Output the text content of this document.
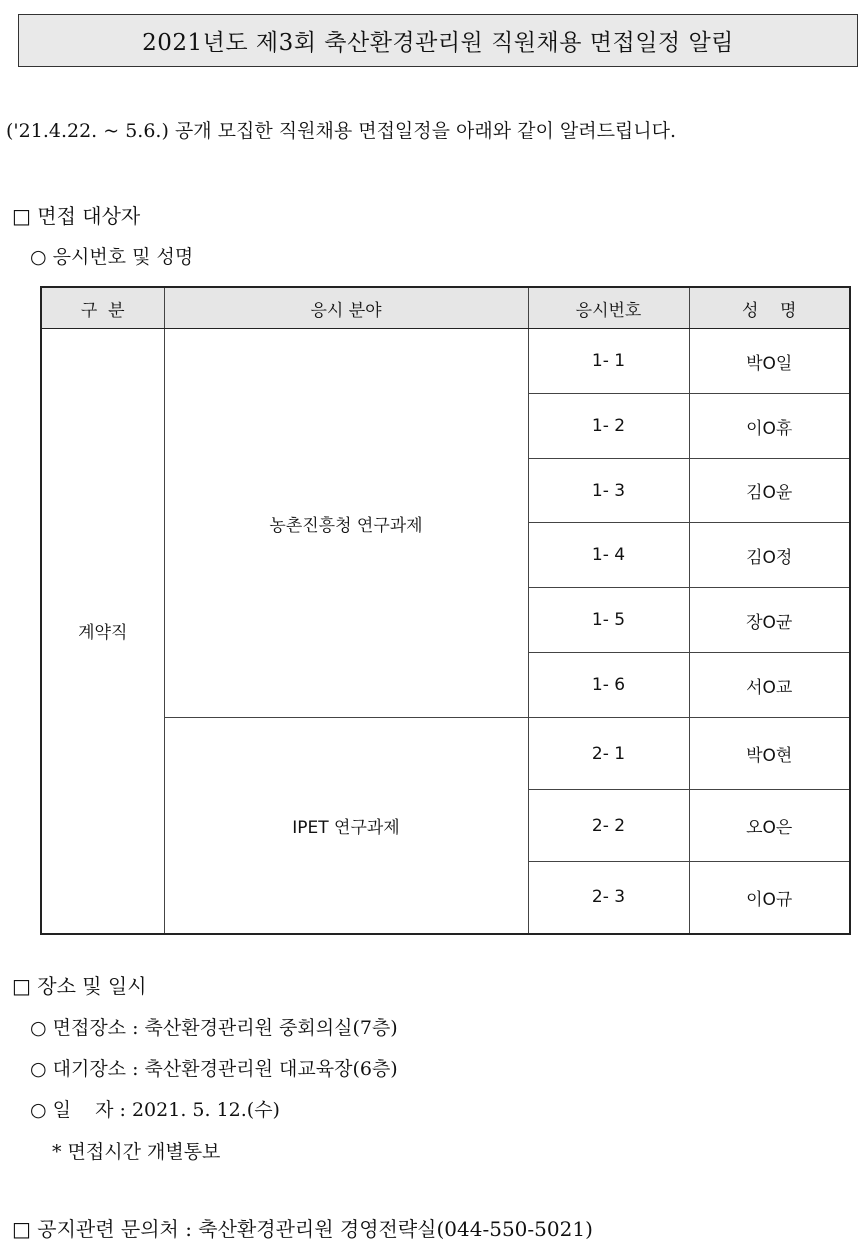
2021년도 제3회 축산환경관리원 직원채용 면접일정 알림
('21.4.22. ~ 5.6.) 공개 모집한 직원채용 면접일정을 아래와 같이 알려드립니다.
□ 면접 대상자
○ 응시번호 및 성명
구  분	응시 분야	응시번호	성    명
계약직	농촌진흥청 연구과제	1- 1	박O일
		1- 2	이O휴
		1- 3	김O윤
		1- 4	김O정
		1- 5	장O균
		1- 6	서O교
	IPET 연구과제	2- 1	박O현
		2- 2	오O은
		2- 3	이O규
□ 장소 및 일시
○ 면접장소 : 축산환경관리원 중회의실(7층)
○ 대기장소 : 축산환경관리원 대교육장(6층)
○ 일    자 : 2021. 5. 12.(수)
* 면접시간 개별통보
□ 공지관련 문의처 : 축산환경관리원 경영전략실(044-550-5021)
